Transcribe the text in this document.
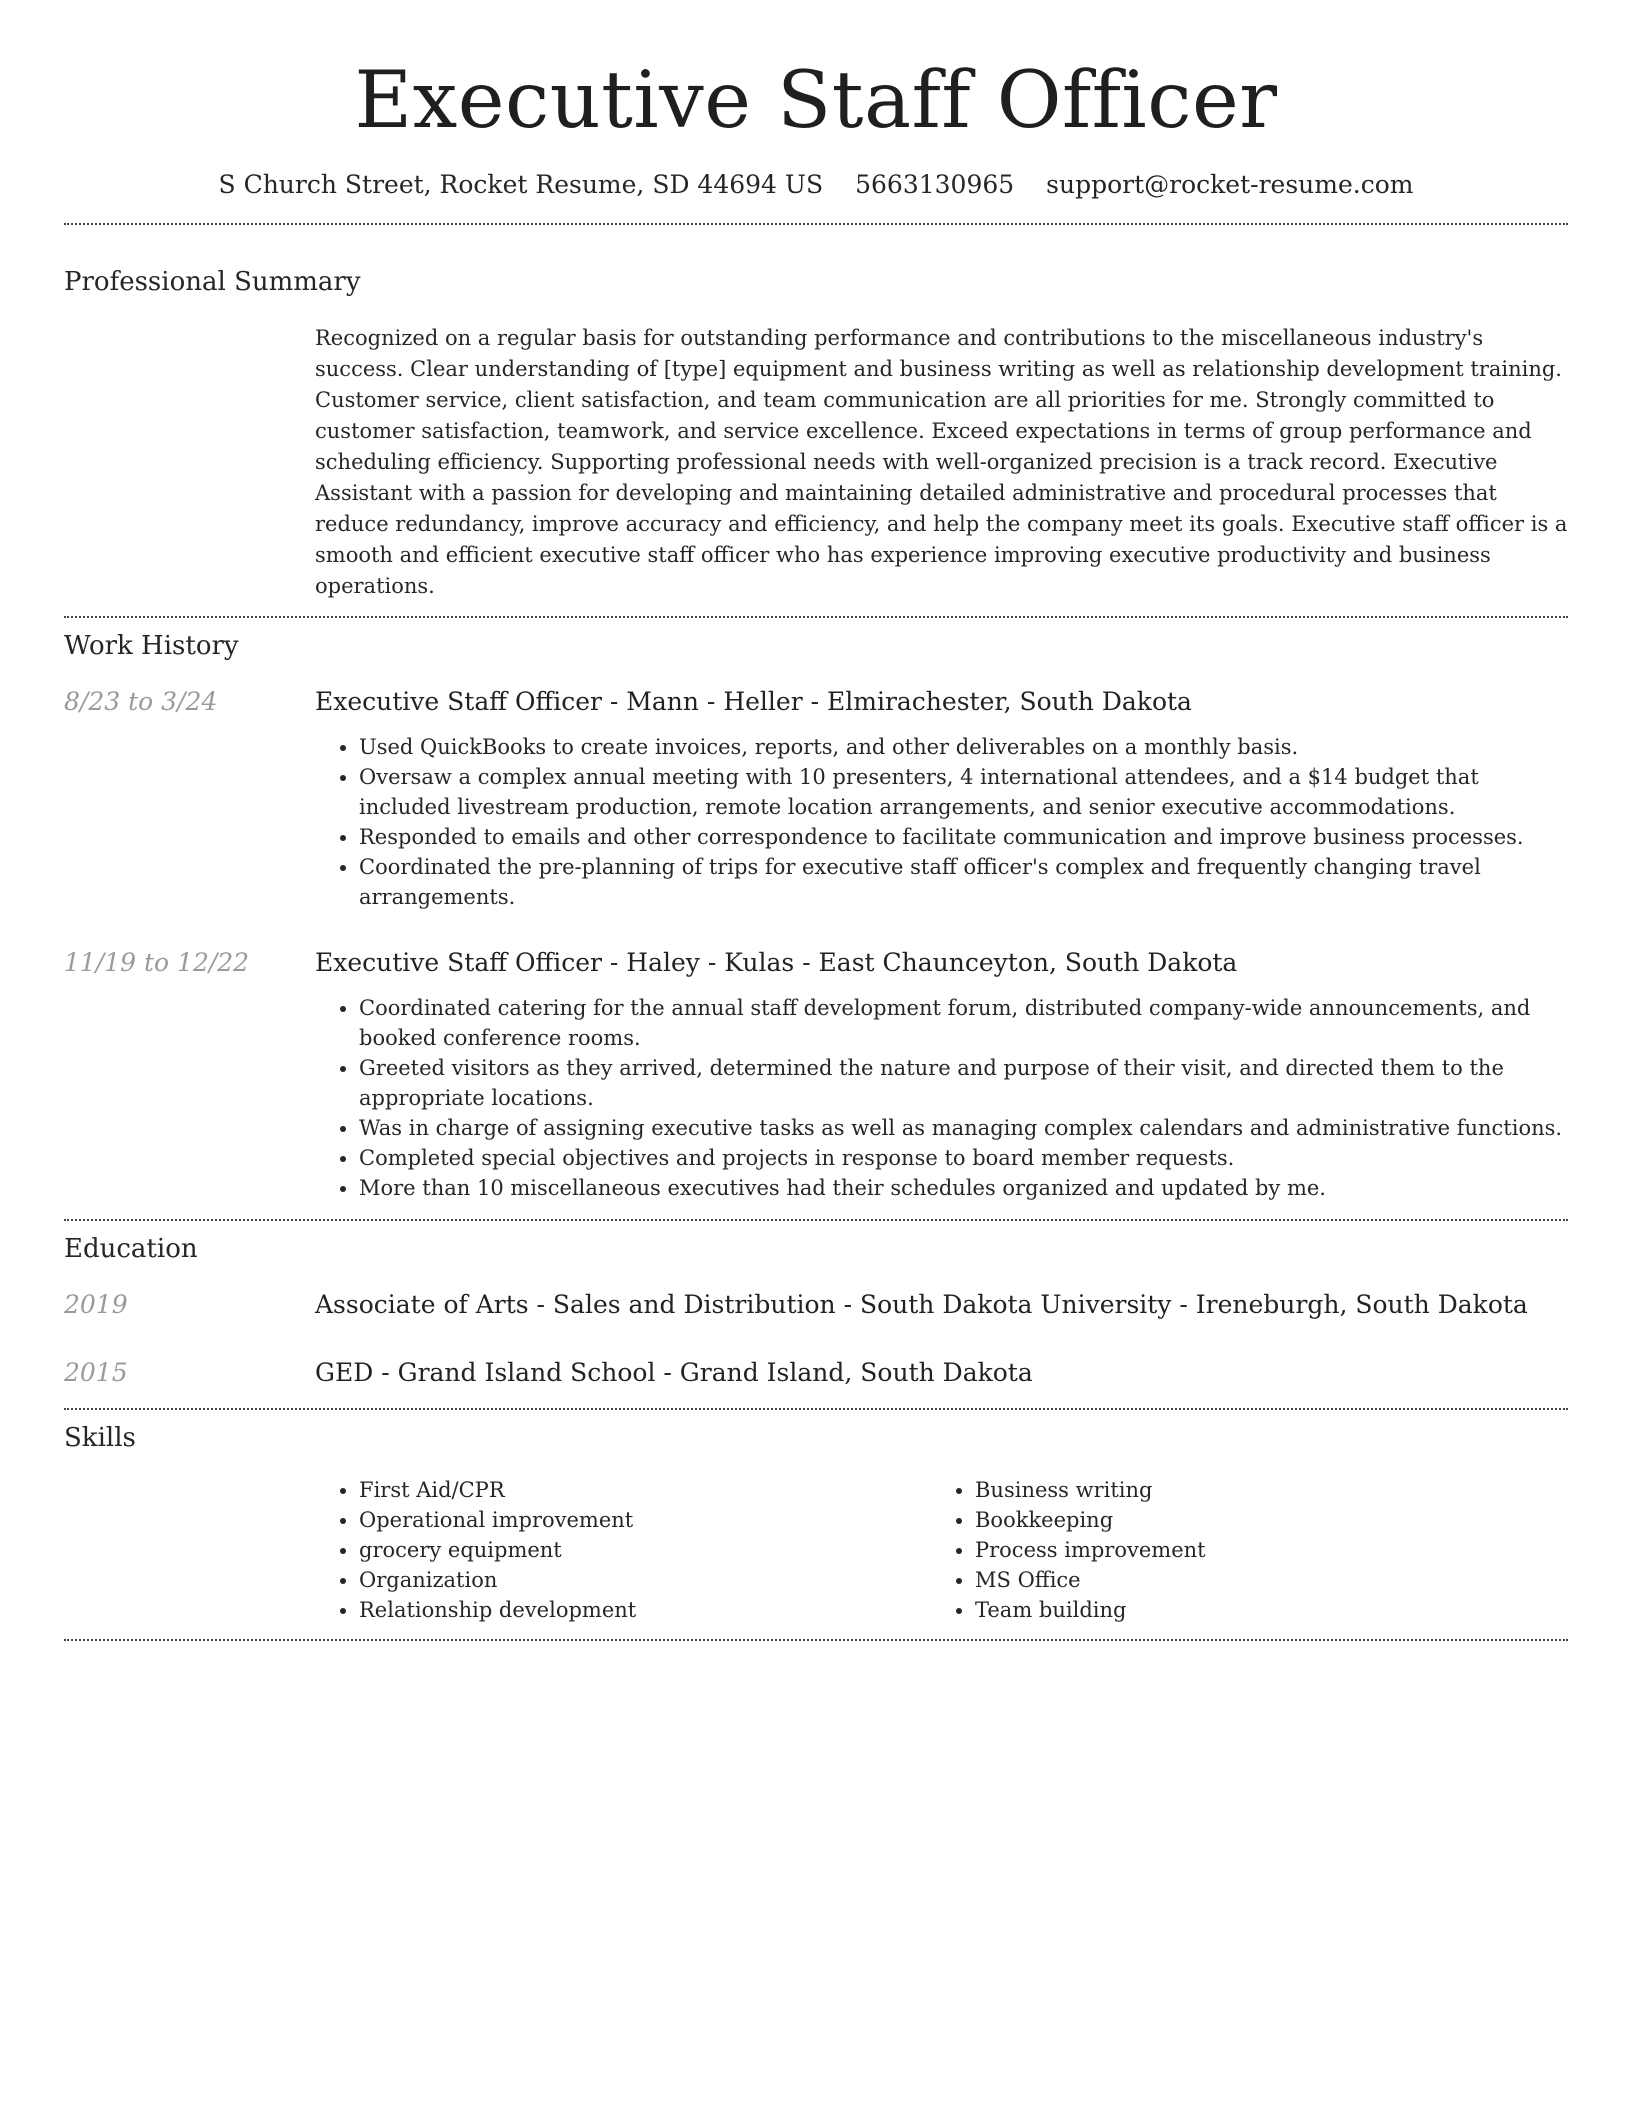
Executive Staff Officer
S Church Street, Rocket Resume, SD 44694 US 5663130965 support@rocket-resume.com
Professional Summary
Recognized on a regular basis for outstanding performance and contributions to the miscellaneous industry's success. Clear understanding of [type] equipment and business writing as well as relationship development training. Customer service, client satisfaction, and team communication are all priorities for me. Strongly committed to customer satisfaction, teamwork, and service excellence. Exceed expectations in terms of group performance and scheduling efficiency. Supporting professional needs with well-organized precision is a track record. Executive Assistant with a passion for developing and maintaining detailed administrative and procedural processes that reduce redundancy, improve accuracy and efficiency, and help the company meet its goals. Executive staff officer is a smooth and efficient executive staff officer who has experience improving executive productivity and business operations.
Work History
8/23 to 3/24	Executive Staff Officer - Mann - Heller - Elmirachester, South Dakota
• Used QuickBooks to create invoices, reports, and other deliverables on a monthly basis.
• Oversaw a complex annual meeting with 10 presenters, 4 international attendees, and a $14 budget that included livestream production, remote location arrangements, and senior executive accommodations.
• Responded to emails and other correspondence to facilitate communication and improve business processes.
• Coordinated the pre-planning of trips for executive staff officer's complex and frequently changing travel arrangements.
11/19 to 12/22	Executive Staff Officer - Haley - Kulas - East Chaunceyton, South Dakota
• Coordinated catering for the annual staff development forum, distributed company-wide announcements, and booked conference rooms.
• Greeted visitors as they arrived, determined the nature and purpose of their visit, and directed them to the appropriate locations.
• Was in charge of assigning executive tasks as well as managing complex calendars and administrative functions.
• Completed special objectives and projects in response to board member requests.
• More than 10 miscellaneous executives had their schedules organized and updated by me.
Education
2019	Associate of Arts - Sales and Distribution - South Dakota University - Ireneburgh, South Dakota
2015	GED - Grand Island School - Grand Island, South Dakota
Skills
• First Aid/CPR
• Operational improvement
• grocery equipment
• Organization
• Relationship development
• Business writing
• Bookkeeping
• Process improvement
• MS Office
• Team building
